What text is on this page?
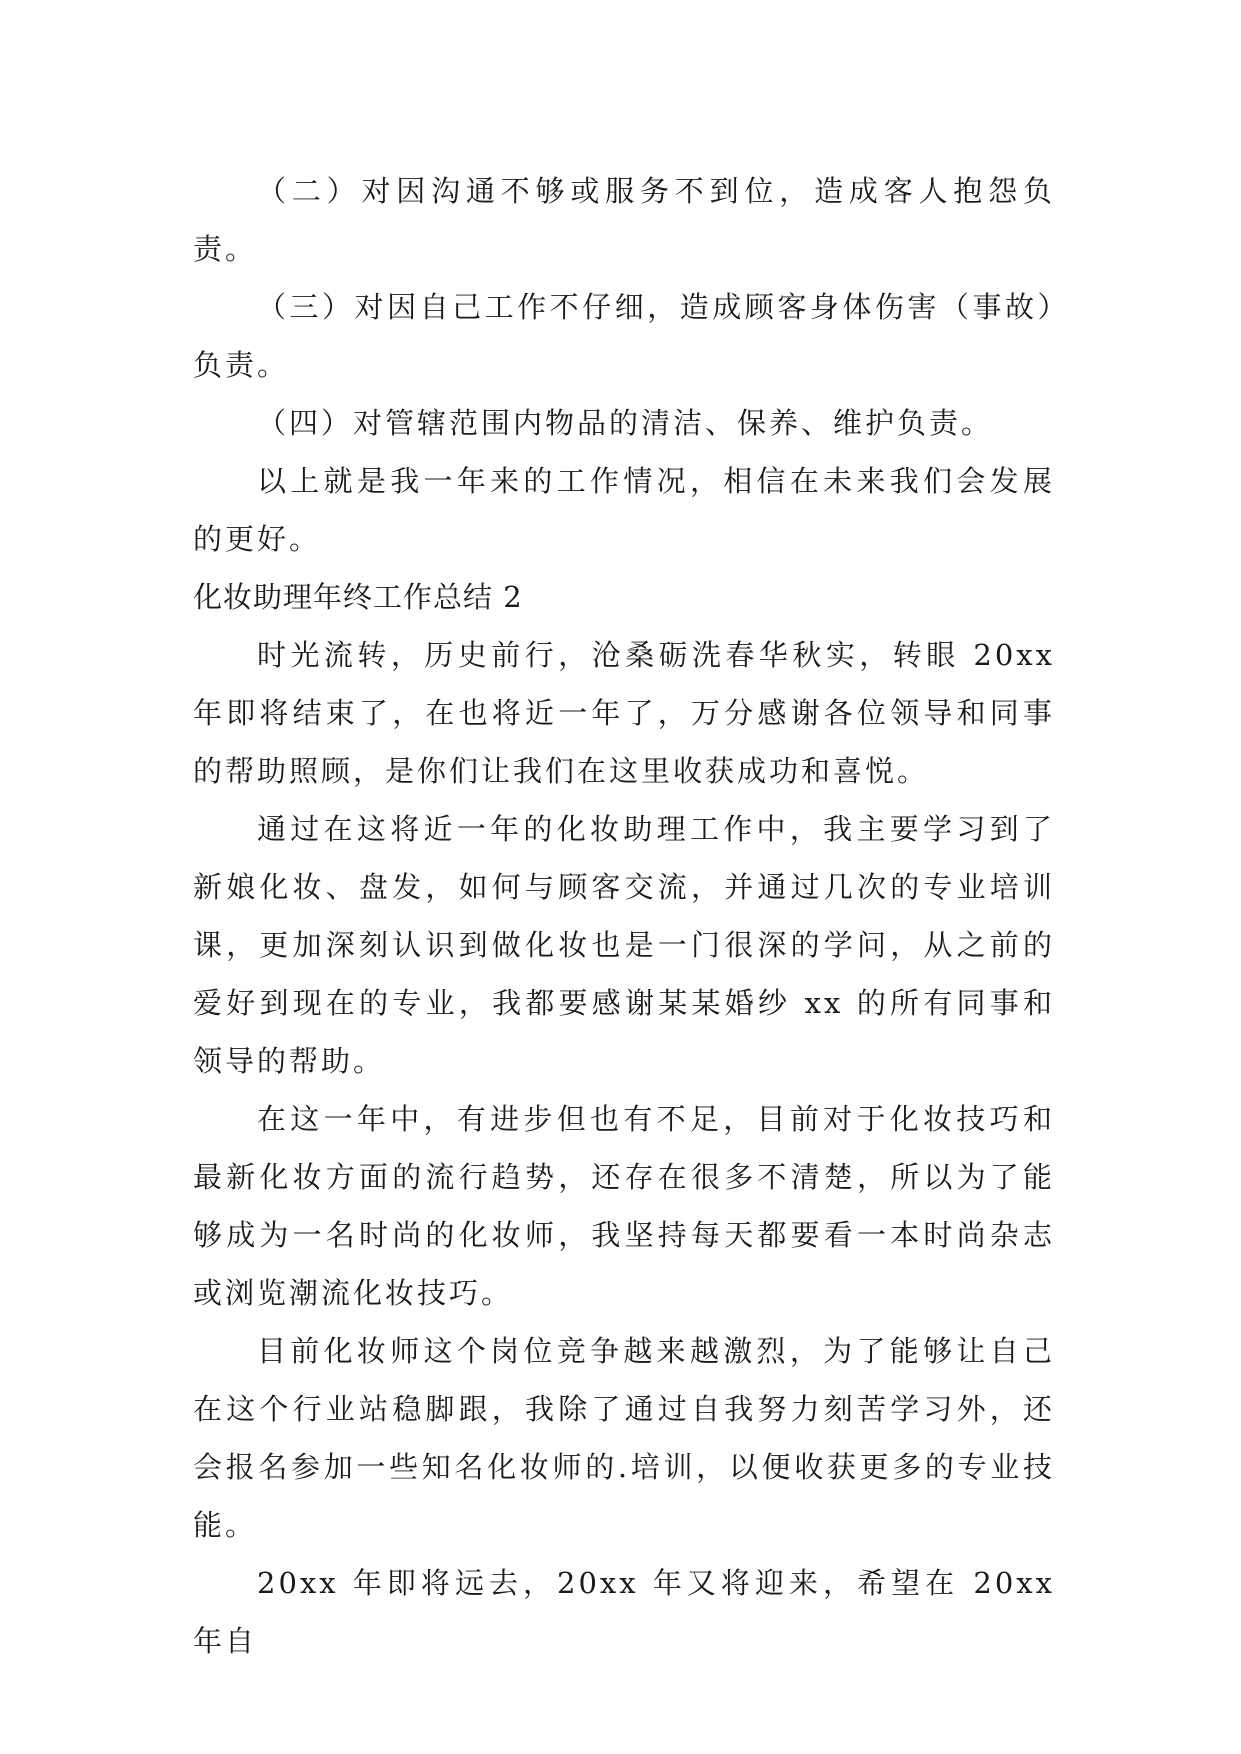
（二）对因沟通不够或服务不到位，造成客人抱怨负责。

（三）对因自己工作不仔细，造成顾客身体伤害（事故）负责。

（四）对管辖范围内物品的清洁、保养、维护负责。

以上就是我一年来的工作情况，相信在未来我们会发展的更好。

化妆助理年终工作总结 2

时光流转，历史前行，沧桑砺洗春华秋实，转眼 20xx 年即将结束了，在也将近一年了，万分感谢各位领导和同事的帮助照顾，是你们让我们在这里收获成功和喜悦。

通过在这将近一年的化妆助理工作中，我主要学习到了新娘化妆、盘发，如何与顾客交流，并通过几次的专业培训课，更加深刻认识到做化妆也是一门很深的学问，从之前的爱好到现在的专业，我都要感谢某某婚纱 xx 的所有同事和领导的帮助。

在这一年中，有进步但也有不足，目前对于化妆技巧和最新化妆方面的流行趋势，还存在很多不清楚，所以为了能够成为一名时尚的化妆师，我坚持每天都要看一本时尚杂志或浏览潮流化妆技巧。

目前化妆师这个岗位竞争越来越激烈，为了能够让自己在这个行业站稳脚跟，我除了通过自我努力刻苦学习外，还会报名参加一些知名化妆师的.培训，以便收获更多的专业技能。

20xx 年即将远去，20xx 年又将迎来，希望在 20xx 年自
